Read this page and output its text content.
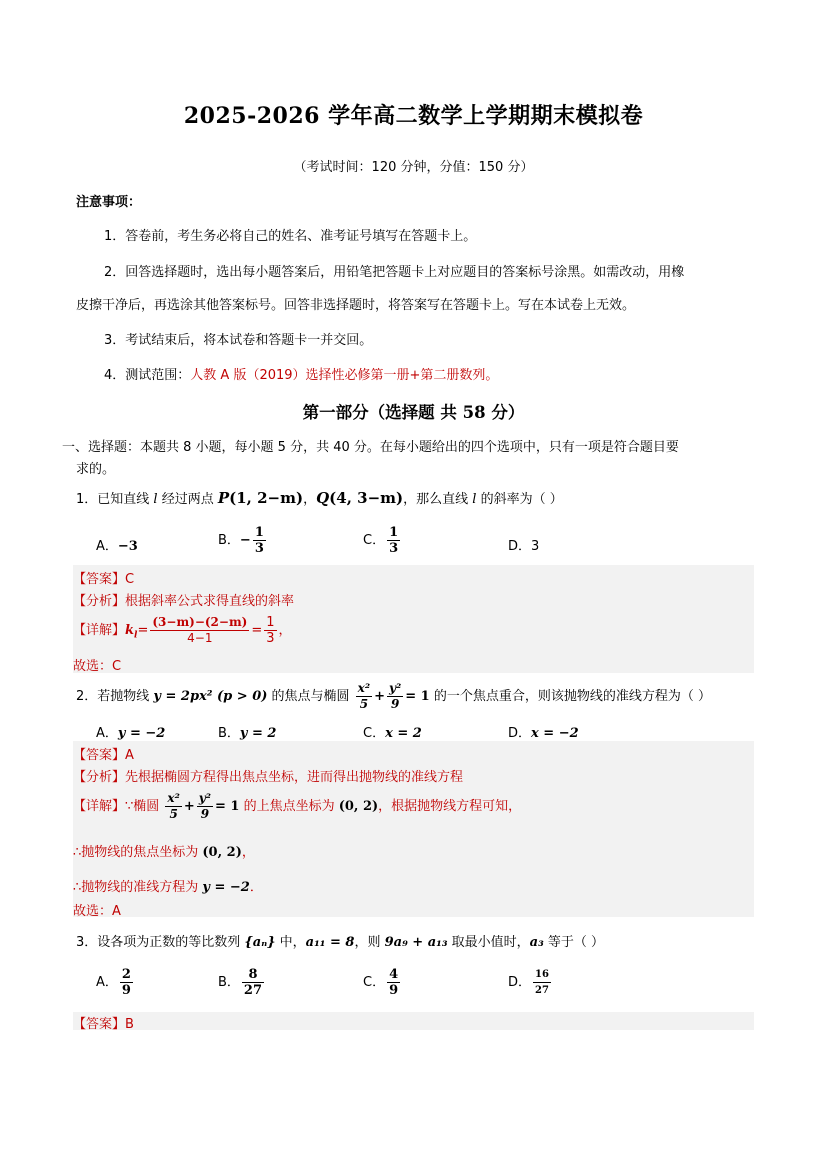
2025-2026 学年高二数学上学期期末模拟卷
（考试时间：120 分钟，分值：150 分）
注意事项：
1．答卷前，考生务必将自己的姓名、准考证号填写在答题卡上。
2．回答选择题时，选出每小题答案后，用铅笔把答题卡上对应题目的答案标号涂黑。如需改动，用橡
皮擦干净后，再选涂其他答案标号。回答非选择题时，将答案写在答题卡上。写在本试卷上无效。
3．考试结束后，将本试卷和答题卡一并交回。
4．测试范围：人教 A 版（2019）选择性必修第一册+第二册数列。
第一部分（选择题 共 58 分）
一、选择题：本题共 8 小题，每小题 5 分，共 40 分。在每小题给出的四个选项中，只有一项是符合题目要
求的。
1．已知直线 l 经过两点 P(1, 2−m)，Q(4, 3−m)，那么直线 l 的斜率为（ ）
A．−3	B．− $\frac{1}{3}$	C． $\frac{1}{3}$	D．3
【答案】C
【分析】根据斜率公式求得直线的斜率
【详解】$k_l= \frac{(3-m)-(2-m)}{4-1} = \frac{1}{3}$ ，
故选：C
2．若抛物线 y = 2px² (p > 0) 的焦点与椭圆 $\frac{\text{x²}}{5} + \frac{\text{y²}}{9} = 1$ 的一个焦点重合，则该抛物线的准线方程为（ ）
A．y = −2	B．y = 2	C．x = 2	D．x = −2
【答案】A
【分析】先根据椭圆方程得出焦点坐标，进而得出抛物线的准线方程
【详解】∵椭圆 $\frac{\text{x²}}{5} + \frac{\text{y²}}{9} = 1$ 的上焦点坐标为 (0, 2)，根据抛物线方程可知，
∴抛物线的焦点坐标为 (0, 2)，
∴抛物线的准线方程为 y = −2．
故选：A
3．设各项为正数的等比数列 {aₙ} 中，a₁₁ = 8，则 9a₉ + a₁₃ 取最小值时，a₃ 等于（ ）
A． $\frac{2}{9}$	B． $\frac{8}{27}$	C． $\frac{4}{9}$	D． $\frac{16}{27}$
【答案】B
